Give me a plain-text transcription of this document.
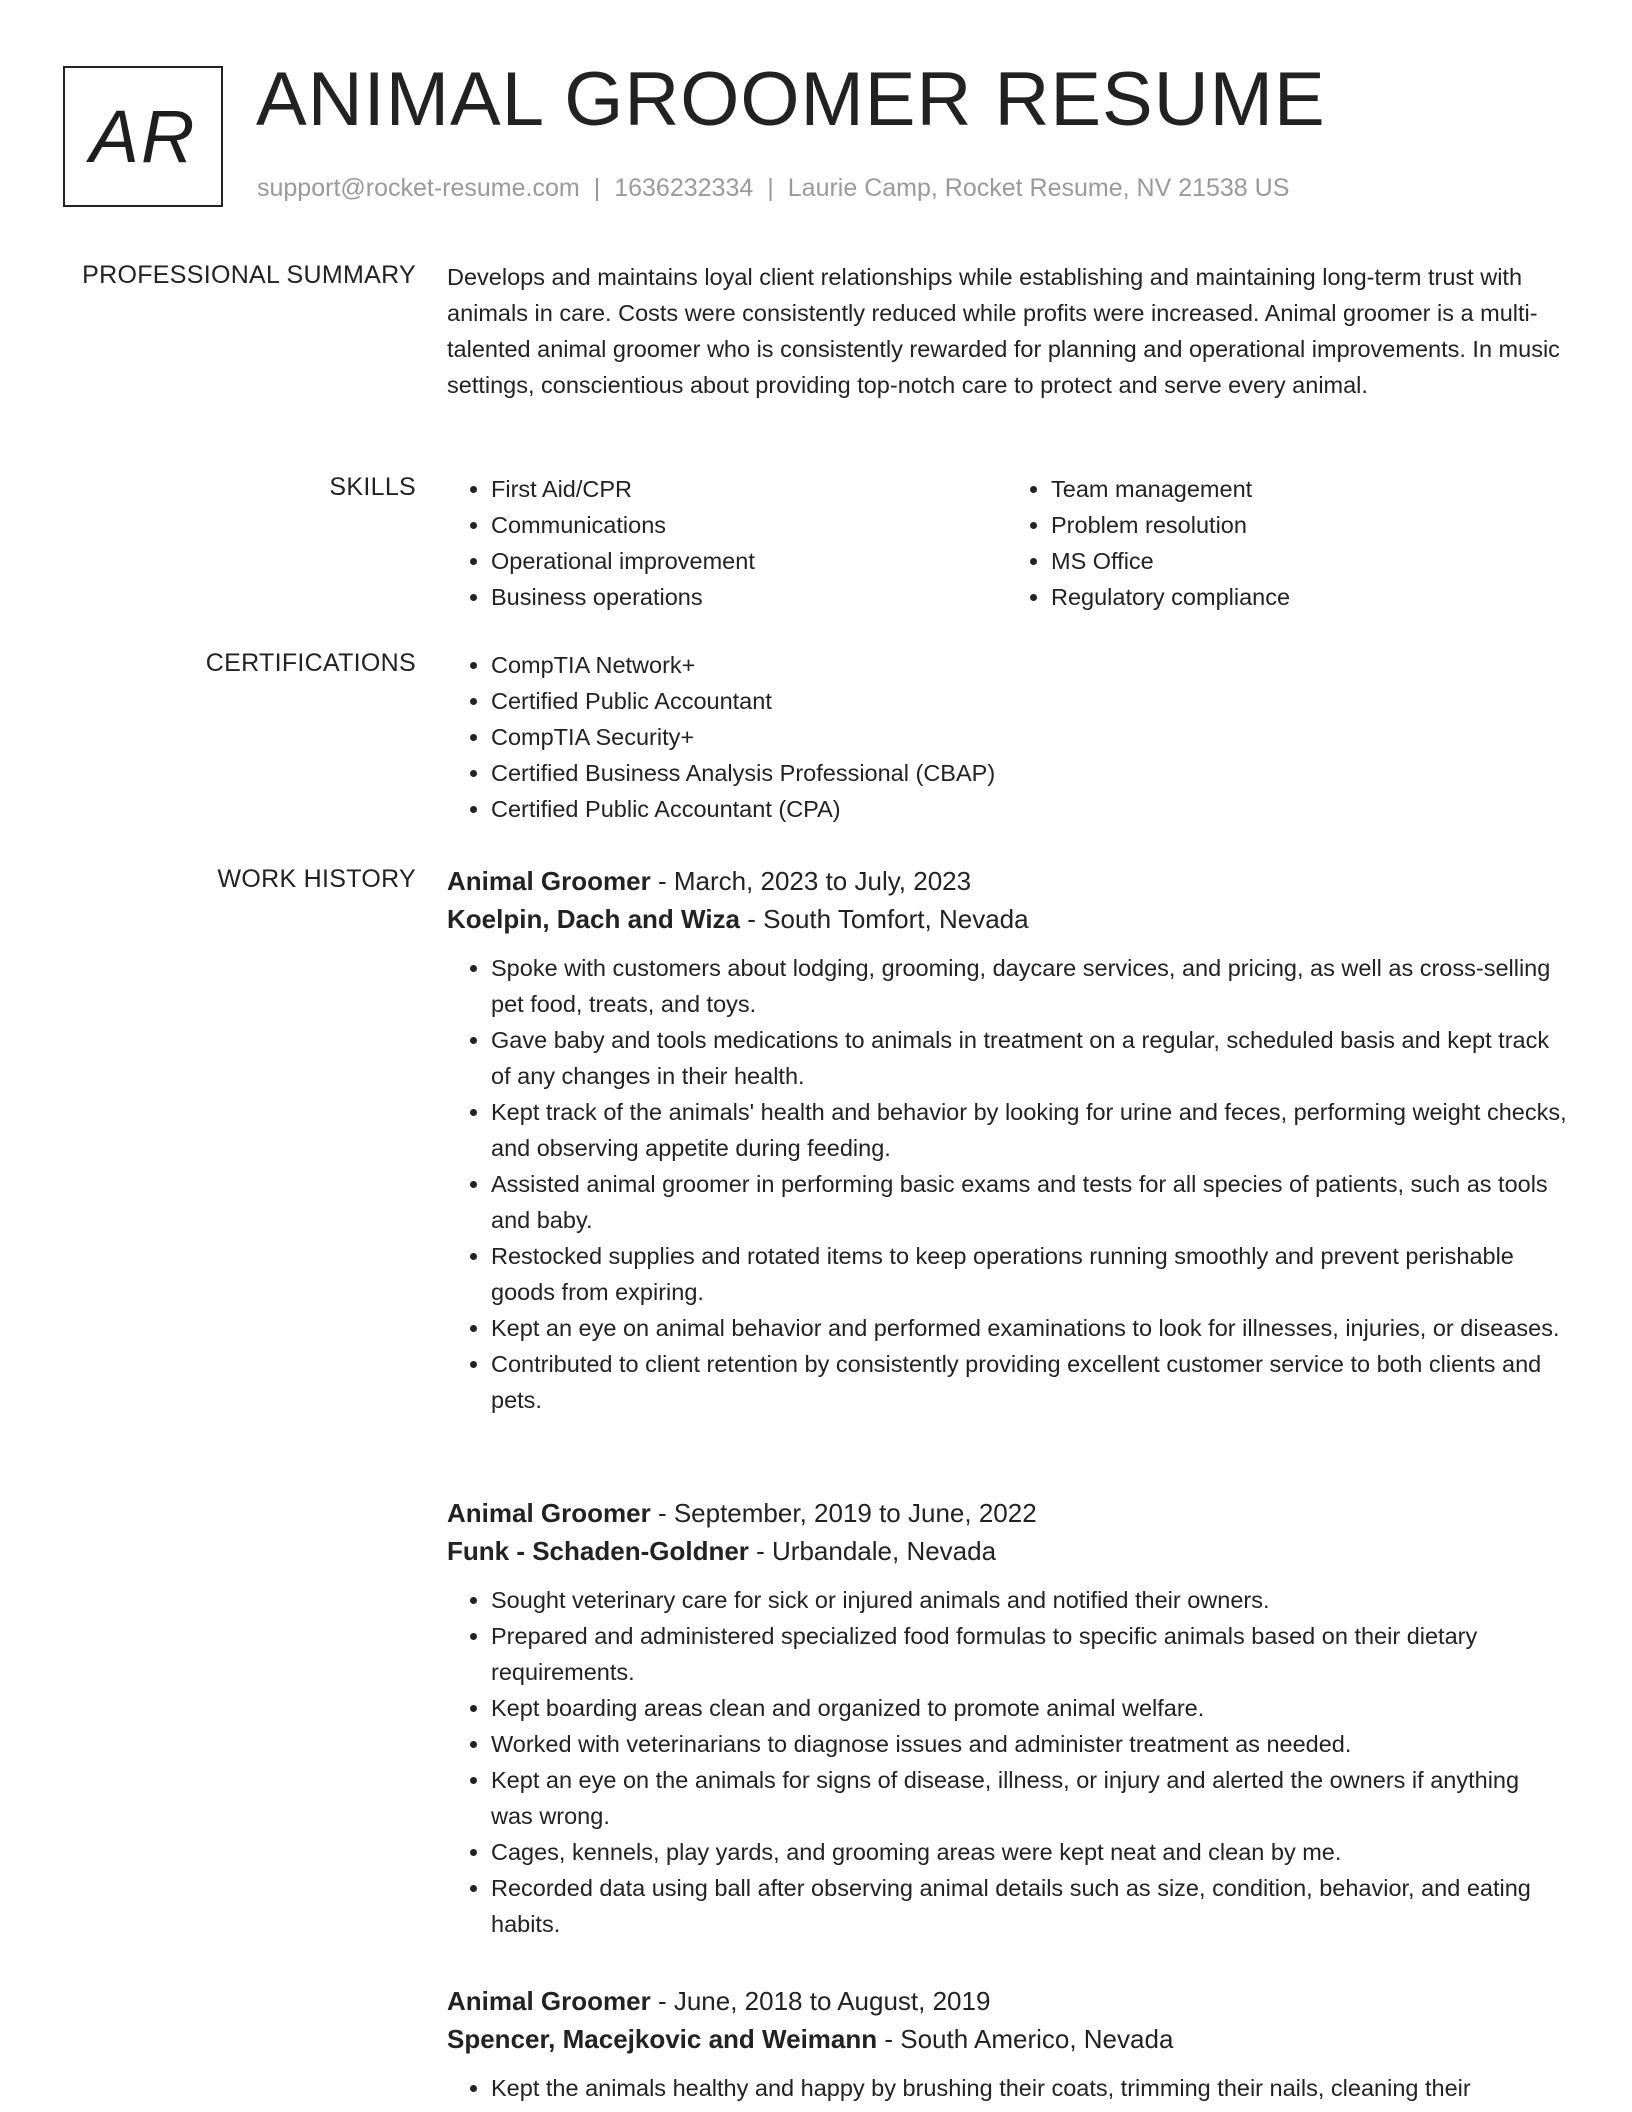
AR ANIMAL GROOMER RESUME
support@rocket-resume.com | 1636232334 | Laurie Camp, Rocket Resume, NV 21538 US
PROFESSIONAL SUMMARY Develops and maintains loyal client relationships while establishing and maintaining long-term trust with animals in care. Costs were consistently reduced while profits were increased. Animal groomer is a multi-talented animal groomer who is consistently rewarded for planning and operational improvements. In music settings, conscientious about providing top-notch care to protect and serve every animal.
SKILLS	• First Aid/CPR
• Communications
• Operational improvement
• Business operations
• Team management
• Problem resolution
• MS Office
• Regulatory compliance
CERTIFICATIONS	• CompTIA Network+
• Certified Public Accountant
• CompTIA Security+
• Certified Business Analysis Professional (CBAP)
• Certified Public Accountant (CPA)
WORK HISTORY Animal Groomer - March, 2023 to July, 2023
Koelpin, Dach and Wiza - South Tomfort, Nevada
• Spoke with customers about lodging, grooming, daycare services, and pricing, as well as cross-selling pet food, treats, and toys.
• Gave baby and tools medications to animals in treatment on a regular, scheduled basis and kept track of any changes in their health.
• Kept track of the animals' health and behavior by looking for urine and feces, performing weight checks, and observing appetite during feeding.
• Assisted animal groomer in performing basic exams and tests for all species of patients, such as tools and baby.
• Restocked supplies and rotated items to keep operations running smoothly and prevent perishable goods from expiring.
• Kept an eye on animal behavior and performed examinations to look for illnesses, injuries, or diseases.
• Contributed to client retention by consistently providing excellent customer service to both clients and pets.
Animal Groomer - September, 2019 to June, 2022
Funk - Schaden-Goldner - Urbandale, Nevada
• Sought veterinary care for sick or injured animals and notified their owners.
• Prepared and administered specialized food formulas to specific animals based on their dietary requirements.
• Kept boarding areas clean and organized to promote animal welfare.
• Worked with veterinarians to diagnose issues and administer treatment as needed.
• Kept an eye on the animals for signs of disease, illness, or injury and alerted the owners if anything was wrong.
• Cages, kennels, play yards, and grooming areas were kept neat and clean by me.
• Recorded data using ball after observing animal details such as size, condition, behavior, and eating habits.
Animal Groomer - June, 2018 to August, 2019
Spencer, Macejkovic and Weimann - South Americo, Nevada
• Kept the animals healthy and happy by brushing their coats, trimming their nails, cleaning their
